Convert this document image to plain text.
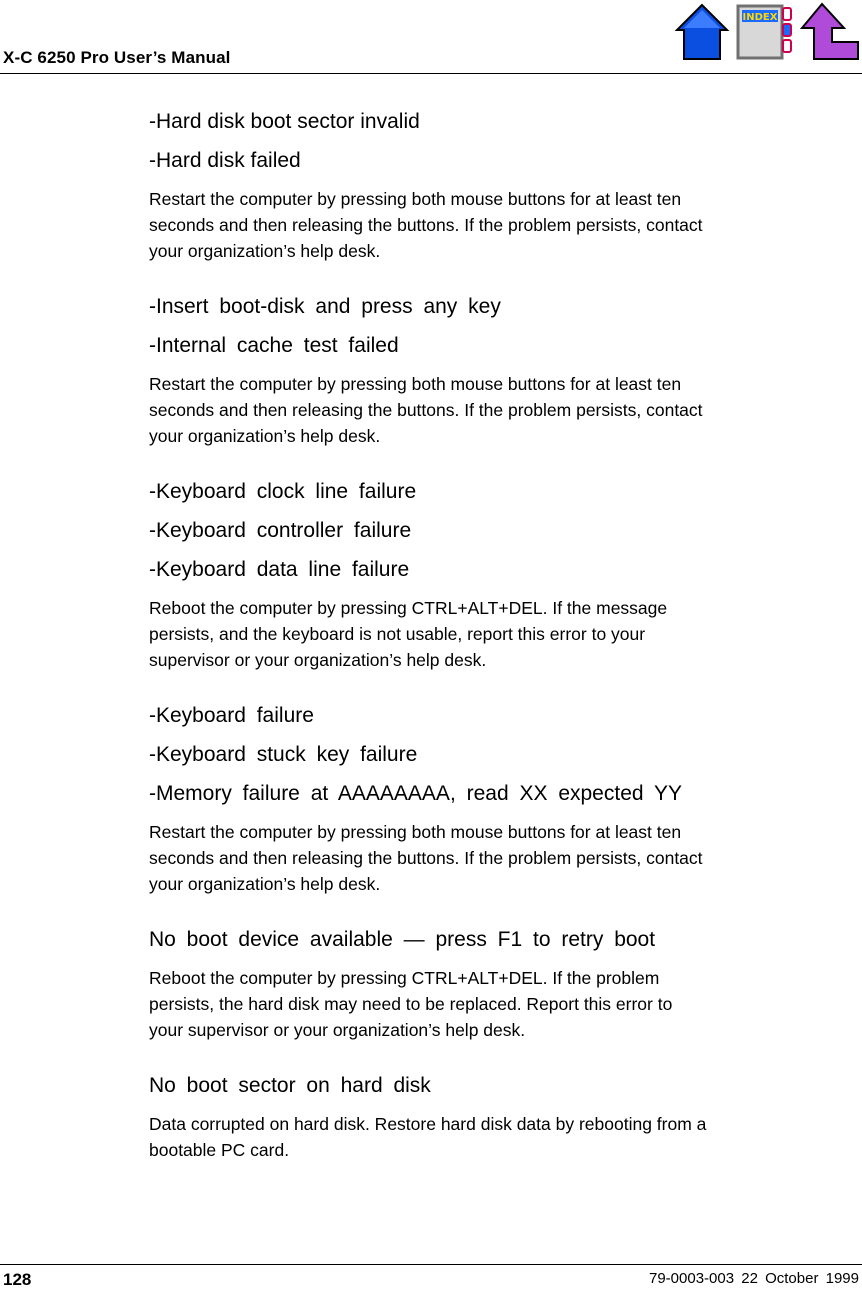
X-C 6250 Pro User’s Manual
INDEX
-Hard disk boot sector invalid
-Hard disk failed
Restart the computer by pressing both mouse buttons for at least ten
seconds and then releasing the buttons. If the problem persists, contact
your organization’s help desk.
-Insert boot-disk and press any key
-Internal cache test failed
Restart the computer by pressing both mouse buttons for at least ten
seconds and then releasing the buttons. If the problem persists, contact
your organization’s help desk.
-Keyboard clock line failure
-Keyboard controller failure
-Keyboard data line failure
Reboot the computer by pressing CTRL+ALT+DEL. If the message
persists, and the keyboard is not usable, report this error to your
supervisor or your organization’s help desk.
-Keyboard failure
-Keyboard stuck key failure
-Memory failure at AAAAAAAA, read XX expected YY
Restart the computer by pressing both mouse buttons for at least ten
seconds and then releasing the buttons. If the problem persists, contact
your organization’s help desk.
No boot device available — press F1 to retry boot
Reboot the computer by pressing CTRL+ALT+DEL. If the problem
persists, the hard disk may need to be replaced. Report this error to
your supervisor or your organization’s help desk.
No boot sector on hard disk
Data corrupted on hard disk. Restore hard disk data by rebooting from a
bootable PC card.
128	79-0003-003 22 October 1999
